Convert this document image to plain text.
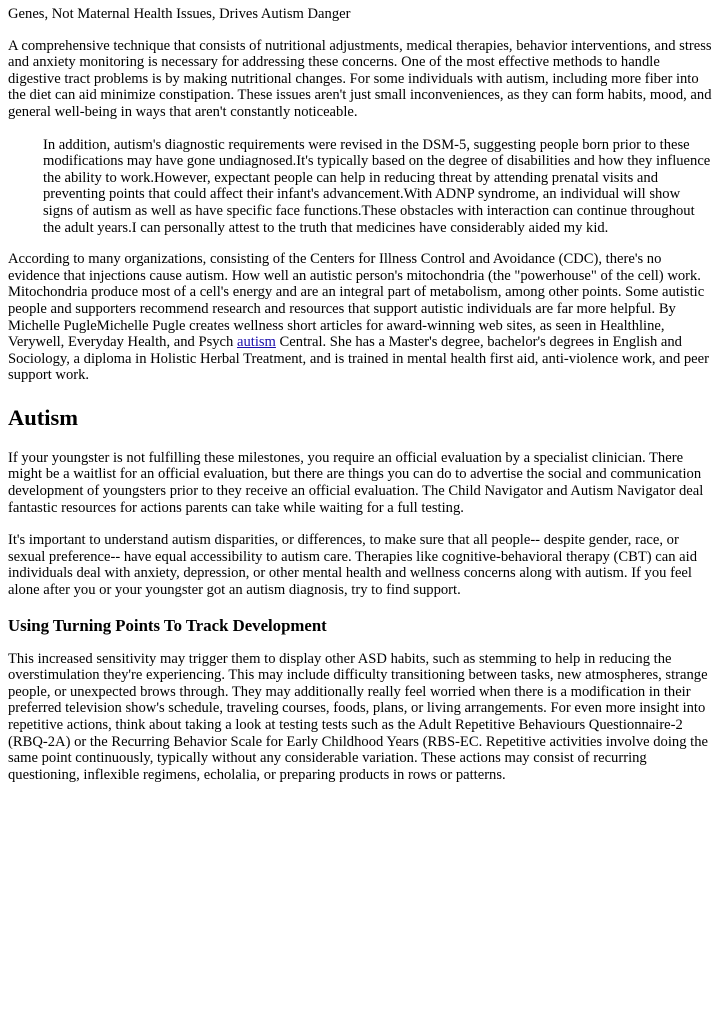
Genes, Not Maternal Health Issues, Drives Autism Danger

A comprehensive technique that consists of nutritional adjustments, medical therapies, behavior interventions, and stress and anxiety monitoring is necessary for addressing these concerns. One of the most effective methods to handle digestive tract problems is by making nutritional changes. For some individuals with autism, including more fiber into the diet can aid minimize constipation. These issues aren't just small inconveniences, as they can form habits, mood, and general well-being in ways that aren't constantly noticeable.

In addition, autism's diagnostic requirements were revised in the DSM-5, suggesting people born prior to these modifications may have gone undiagnosed.It's typically based on the degree of disabilities and how they influence the ability to work.However, expectant people can help in reducing threat by attending prenatal visits and preventing points that could affect their infant's advancement.With ADNP syndrome, an individual will show signs of autism as well as have specific face functions.These obstacles with interaction can continue throughout the adult years.I can personally attest to the truth that medicines have considerably aided my kid.

According to many organizations, consisting of the Centers for Illness Control and Avoidance (CDC), there's no evidence that injections cause autism. How well an autistic person's mitochondria (the "powerhouse" of the cell) work. Mitochondria produce most of a cell's energy and are an integral part of metabolism, among other points. Some autistic people and supporters recommend research and resources that support autistic individuals are far more helpful. By Michelle PugleMichelle Pugle creates wellness short articles for award-winning web sites, as seen in Healthline, Verywell, Everyday Health, and Psych autism Central. She has a Master's degree, bachelor's degrees in English and Sociology, a diploma in Holistic Herbal Treatment, and is trained in mental health first aid, anti-violence work, and peer support work.

Autism

If your youngster is not fulfilling these milestones, you require an official evaluation by a specialist clinician. There might be a waitlist for an official evaluation, but there are things you can do to advertise the social and communication development of youngsters prior to they receive an official evaluation. The Child Navigator and Autism Navigator deal fantastic resources for actions parents can take while waiting for a full testing.

It's important to understand autism disparities, or differences, to make sure that all people-- despite gender, race, or sexual preference-- have equal accessibility to autism care. Therapies like cognitive-behavioral therapy (CBT) can aid individuals deal with anxiety, depression, or other mental health and wellness concerns along with autism. If you feel alone after you or your youngster got an autism diagnosis, try to find support.

Using Turning Points To Track Development

This increased sensitivity may trigger them to display other ASD habits, such as stemming to help in reducing the overstimulation they're experiencing. This may include difficulty transitioning between tasks, new atmospheres, strange people, or unexpected brows through. They may additionally really feel worried when there is a modification in their preferred television show's schedule, traveling courses, foods, plans, or living arrangements. For even more insight into repetitive actions, think about taking a look at testing tests such as the Adult Repetitive Behaviours Questionnaire-2 (RBQ-2A) or the Recurring Behavior Scale for Early Childhood Years (RBS-EC. Repetitive activities involve doing the same point continuously, typically without any considerable variation. These actions may consist of recurring questioning, inflexible regimens, echolalia, or preparing products in rows or patterns.
